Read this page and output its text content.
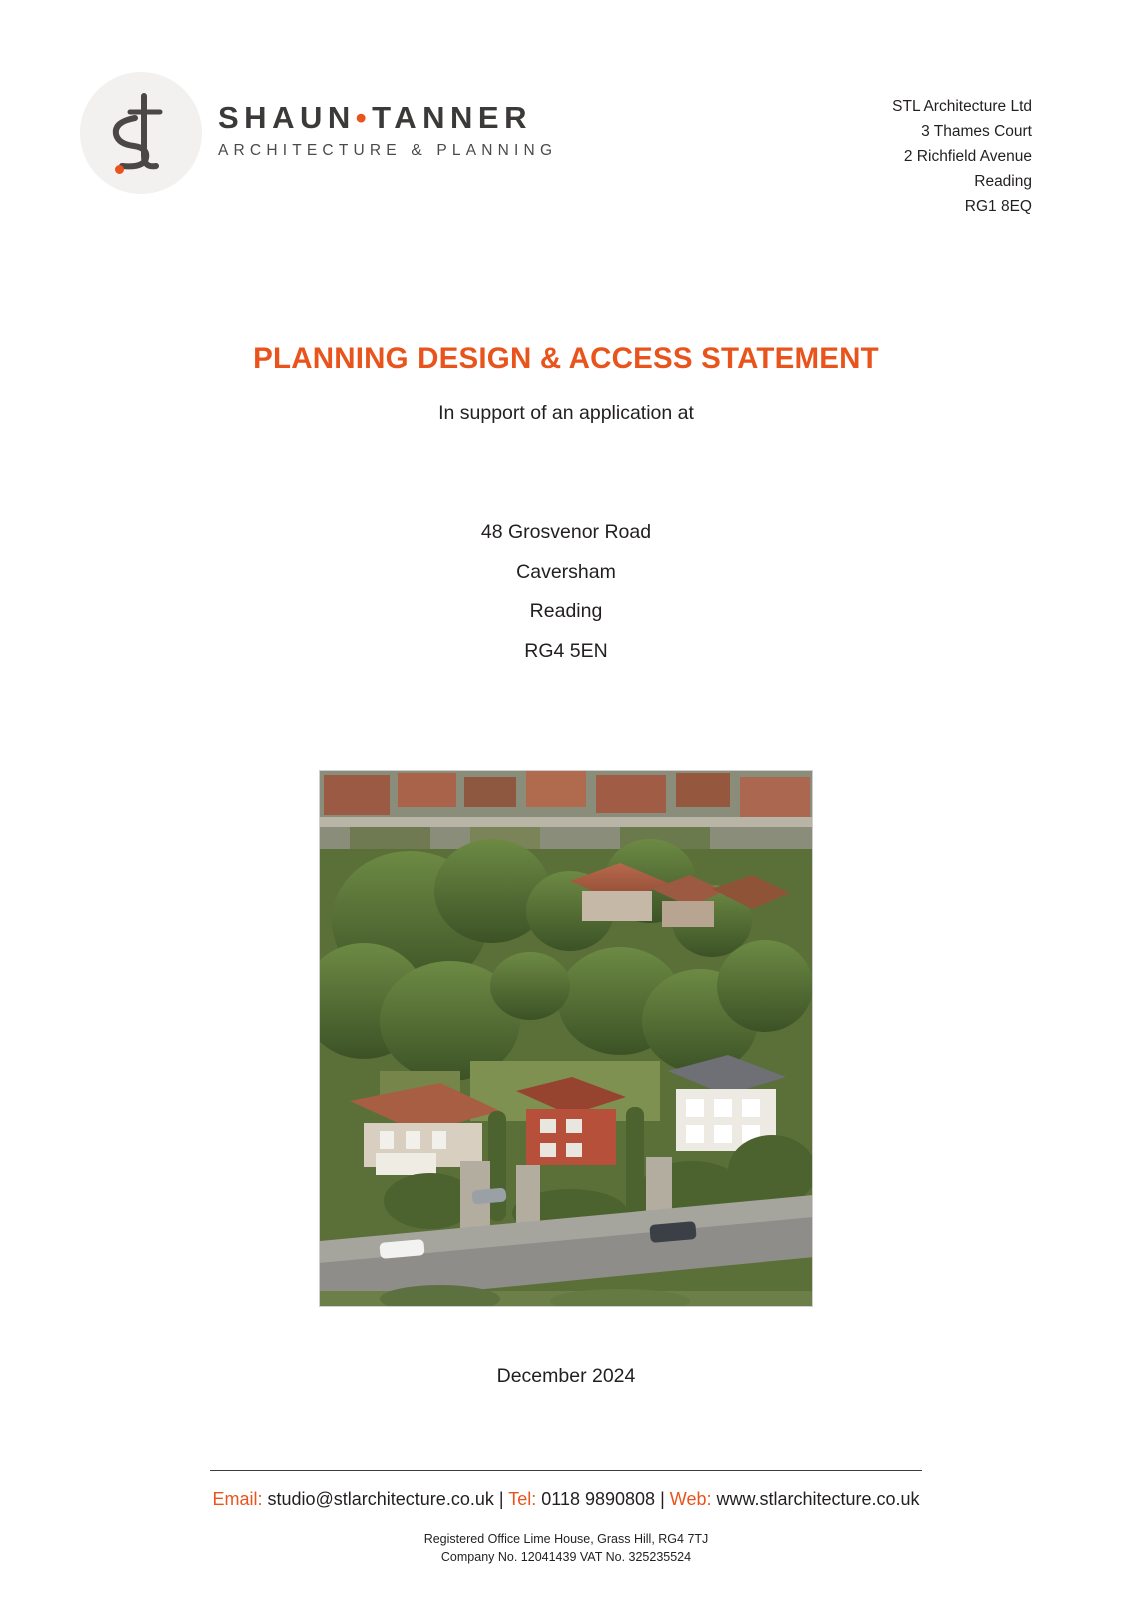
SHAUN•TANNER
ARCHITECTURE & PLANNING
STL Architecture Ltd
3 Thames Court
2 Richfield Avenue
Reading
RG1 8EQ
PLANNING DESIGN & ACCESS STATEMENT
In support of an application at
48 Grosvenor Road
Caversham
Reading
RG4 5EN
December 2024
Email: studio@stlarchitecture.co.uk | Tel: 0118 9890808 | Web: www.stlarchitecture.co.uk
Registered Office Lime House, Grass Hill, RG4 7TJ
Company No. 12041439 VAT No. 325235524
